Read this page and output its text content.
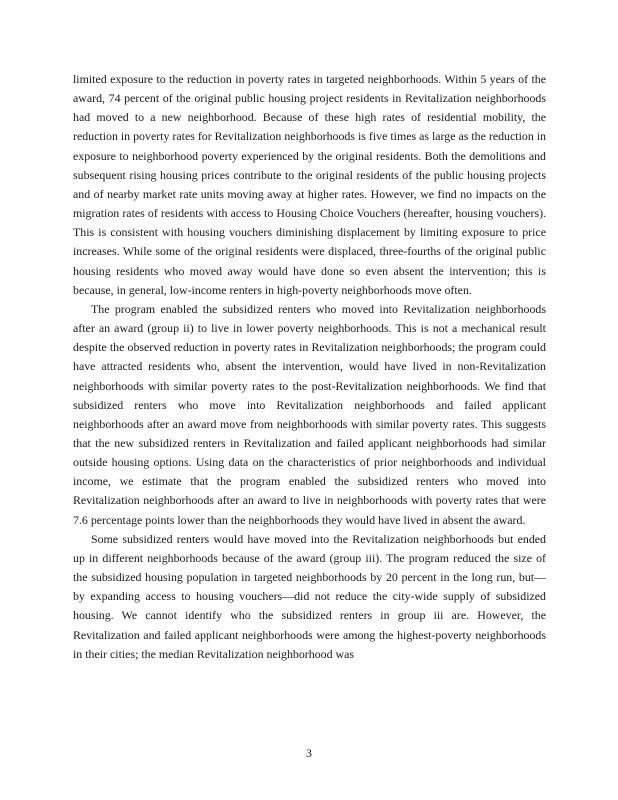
limited exposure to the reduction in poverty rates in targeted neighborhoods. Within 5 years of the award, 74 percent of the original public housing project residents in Revitalization neighborhoods had moved to a new neighborhood. Because of these high rates of residential mobility, the reduction in poverty rates for Revitalization neighborhoods is five times as large as the reduction in exposure to neighborhood poverty experienced by the original residents. Both the demolitions and subsequent rising housing prices contribute to the original residents of the public housing projects and of nearby market rate units moving away at higher rates. However, we find no impacts on the migration rates of residents with access to Housing Choice Vouchers (hereafter, housing vouchers). This is consistent with housing vouchers diminishing displacement by limiting exposure to price increases. While some of the original residents were displaced, three-fourths of the original public housing residents who moved away would have done so even absent the intervention; this is because, in general, low-income renters in high-poverty neighborhoods move often.

The program enabled the subsidized renters who moved into Revitalization neighborhoods after an award (group ii) to live in lower poverty neighborhoods. This is not a mechanical result despite the observed reduction in poverty rates in Revitalization neighborhoods; the program could have attracted residents who, absent the intervention, would have lived in non-Revitalization neighborhoods with similar poverty rates to the post-Revitalization neighborhoods. We find that subsidized renters who move into Revitalization neighborhoods and failed applicant neighborhoods after an award move from neighborhoods with similar poverty rates. This suggests that the new subsidized renters in Revitalization and failed applicant neighborhoods had similar outside housing options. Using data on the characteristics of prior neighborhoods and individual income, we estimate that the program enabled the subsidized renters who moved into Revitalization neighborhoods after an award to live in neighborhoods with poverty rates that were 7.6 percentage points lower than the neighborhoods they would have lived in absent the award.

Some subsidized renters would have moved into the Revitalization neighborhoods but ended up in different neighborhoods because of the award (group iii). The program reduced the size of the subsidized housing population in targeted neighborhoods by 20 percent in the long run, but—by expanding access to housing vouchers—did not reduce the city-wide supply of subsidized housing. We cannot identify who the subsidized renters in group iii are. However, the Revitalization and failed applicant neighborhoods were among the highest-poverty neighborhoods in their cities; the median Revitalization neighborhood was

3
